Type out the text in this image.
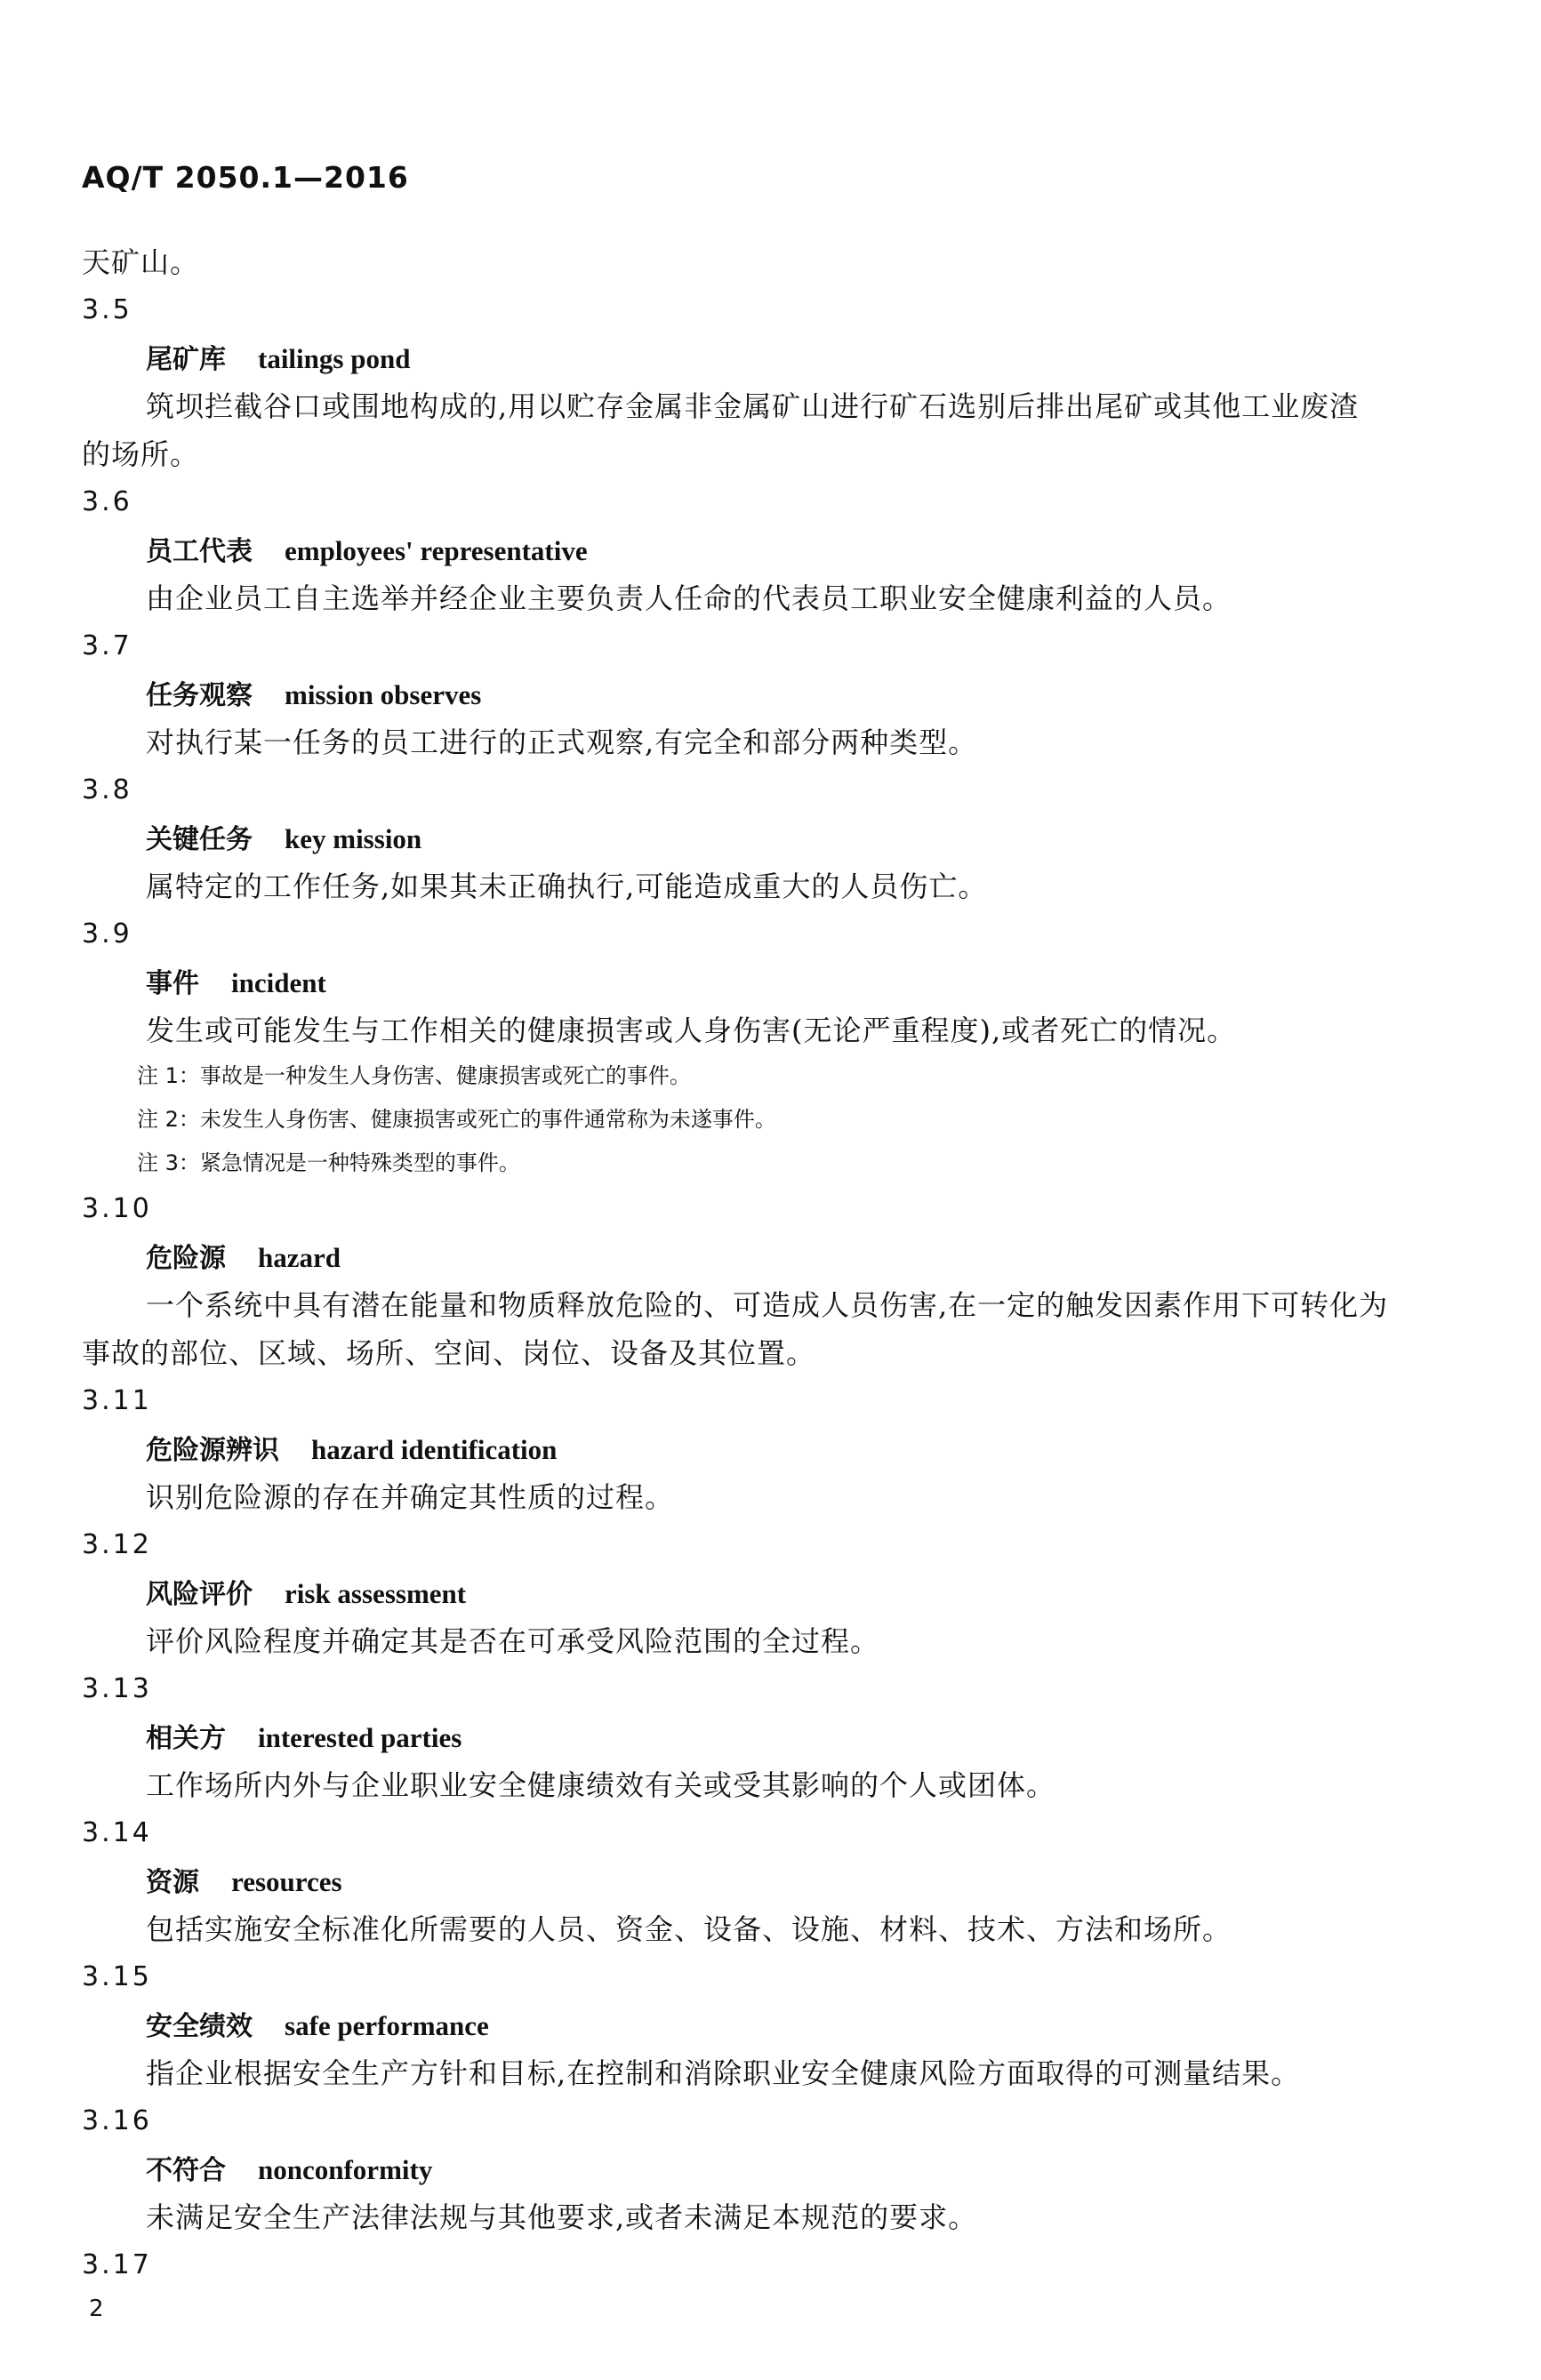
AQ/T 2050.1—2016
天矿山。
3.5
尾矿库 tailings pond
筑坝拦截谷口或围地构成的,用以贮存金属非金属矿山进行矿石选别后排出尾矿或其他工业废渣
的场所。
3.6
员工代表 employees' representative
由企业员工自主选举并经企业主要负责人任命的代表员工职业安全健康利益的人员。
3.7
任务观察 mission observes
对执行某一任务的员工进行的正式观察,有完全和部分两种类型。
3.8
关键任务 key mission
属特定的工作任务,如果其未正确执行,可能造成重大的人员伤亡。
3.9
事件 incident
发生或可能发生与工作相关的健康损害或人身伤害(无论严重程度),或者死亡的情况。
注 1：事故是一种发生人身伤害、健康损害或死亡的事件。
注 2：未发生人身伤害、健康损害或死亡的事件通常称为未遂事件。
注 3：紧急情况是一种特殊类型的事件。
3.10
危险源 hazard
一个系统中具有潜在能量和物质释放危险的、可造成人员伤害,在一定的触发因素作用下可转化为
事故的部位、区域、场所、空间、岗位、设备及其位置。
3.11
危险源辨识 hazard identification
识别危险源的存在并确定其性质的过程。
3.12
风险评价 risk assessment
评价风险程度并确定其是否在可承受风险范围的全过程。
3.13
相关方 interested parties
工作场所内外与企业职业安全健康绩效有关或受其影响的个人或团体。
3.14
资源 resources
包括实施安全标准化所需要的人员、资金、设备、设施、材料、技术、方法和场所。
3.15
安全绩效 safe performance
指企业根据安全生产方针和目标,在控制和消除职业安全健康风险方面取得的可测量结果。
3.16
不符合 nonconformity
未满足安全生产法律法规与其他要求,或者未满足本规范的要求。
3.17
2
